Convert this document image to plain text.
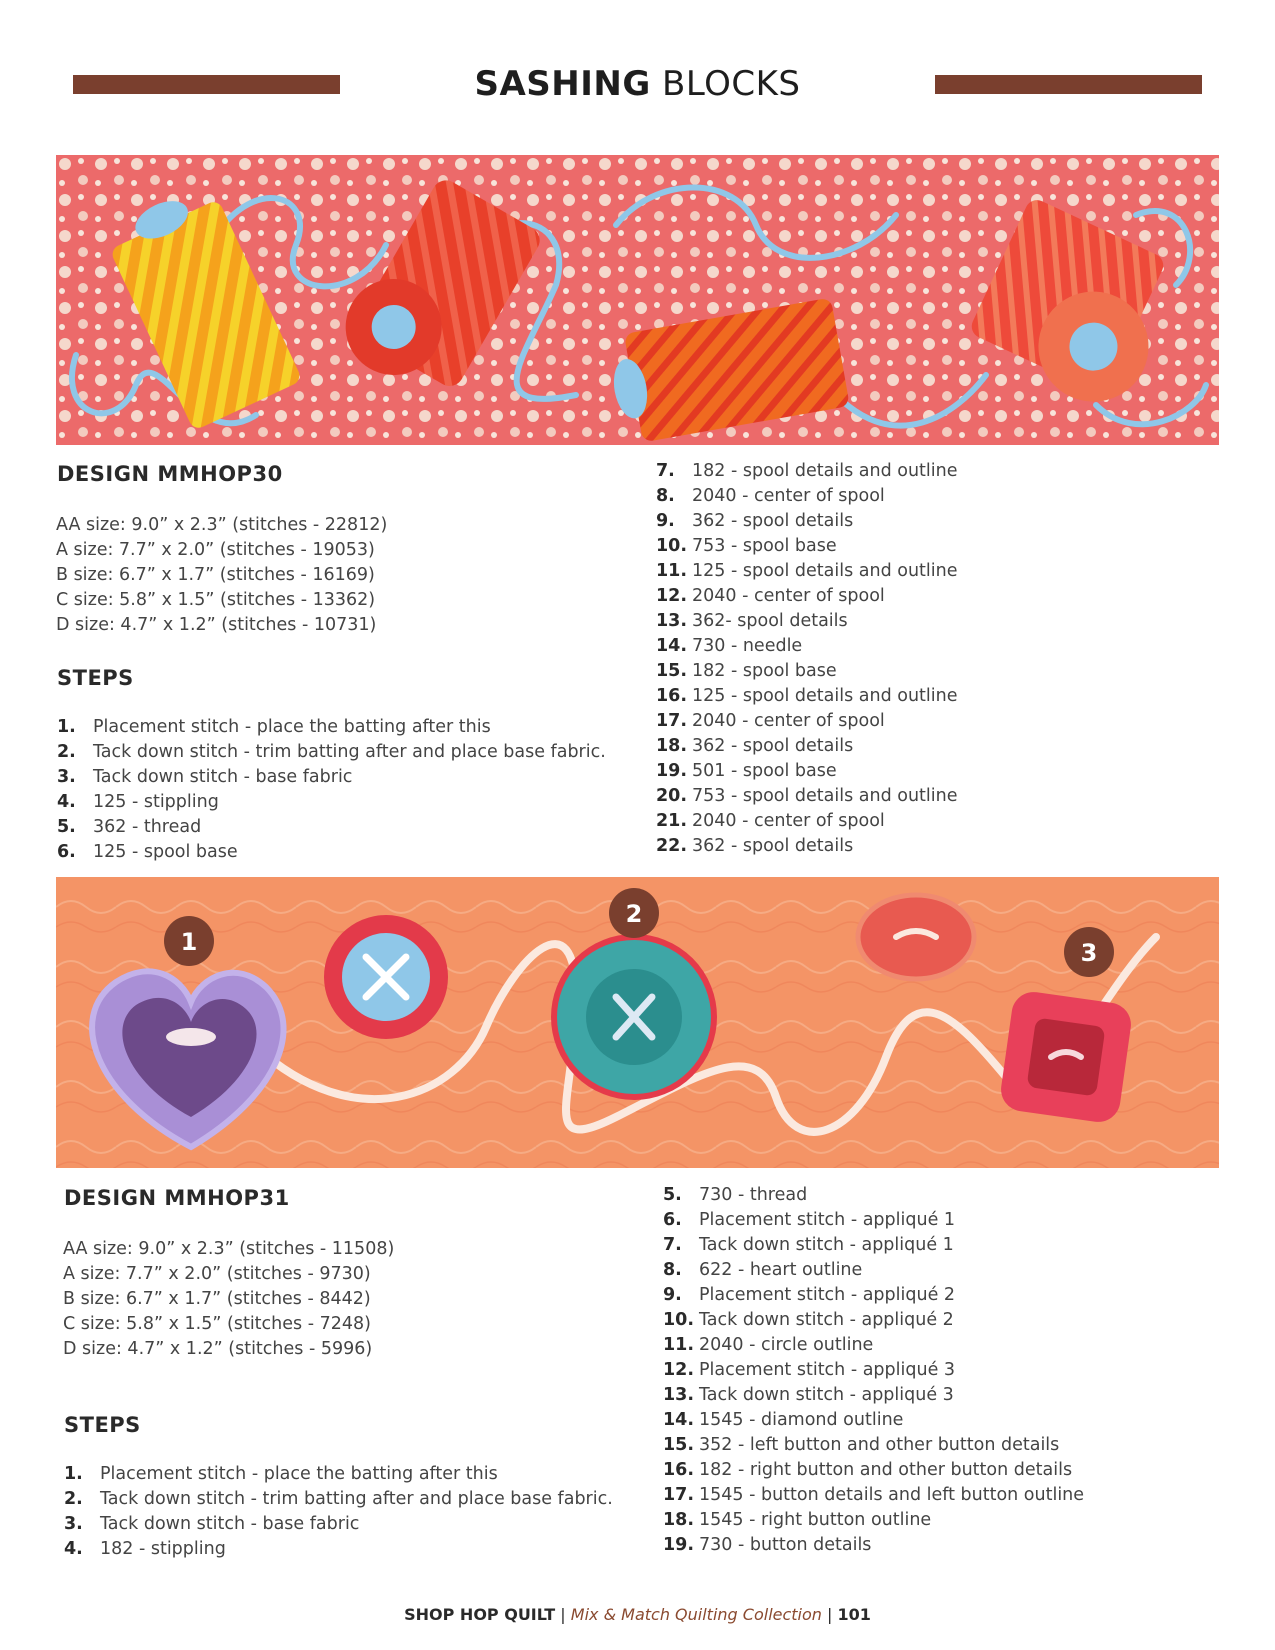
SASHING BLOCKS
DESIGN MMHOP30
AA size: 9.0” x 2.3” (stitches - 22812)
A size: 7.7” x 2.0” (stitches - 19053)
B size: 6.7” x 1.7” (stitches - 16169)
C size: 5.8” x 1.5” (stitches - 13362)
D size: 4.7” x 1.2” (stitches - 10731)
STEPS
1. Placement stitch - place the batting after this
2. Tack down stitch - trim batting after and place base fabric.
3. Tack down stitch - base fabric
4. 125 - stippling
5. 362 - thread
6. 125 - spool base
7. 182 - spool details and outline
8. 2040 - center of spool
9. 362 - spool details
10. 753 - spool base
11. 125 - spool details and outline
12. 2040 - center of spool
13. 362- spool details
14. 730 - needle
15. 182 - spool base
16. 125 - spool details and outline
17. 2040 - center of spool
18. 362 - spool details
19. 501 - spool base
20. 753 - spool details and outline
21. 2040 - center of spool
22. 362 - spool details
1
2
3
DESIGN MMHOP31
AA size: 9.0” x 2.3” (stitches - 11508)
A size: 7.7” x 2.0” (stitches - 9730)
B size: 6.7” x 1.7” (stitches - 8442)
C size: 5.8” x 1.5” (stitches - 7248)
D size: 4.7” x 1.2” (stitches - 5996)
STEPS
1. Placement stitch - place the batting after this
2. Tack down stitch - trim batting after and place base fabric.
3. Tack down stitch - base fabric
4. 182 - stippling
5. 730 - thread
6. Placement stitch - appliqué 1
7. Tack down stitch - appliqué 1
8. 622 - heart outline
9. Placement stitch - appliqué 2
10. Tack down stitch - appliqué 2
11. 2040 - circle outline
12. Placement stitch - appliqué 3
13. Tack down stitch - appliqué 3
14. 1545 - diamond outline
15. 352 - left button and other button details
16. 182 - right button and other button details
17. 1545 - button details and left button outline
18. 1545 - right button outline
19. 730 - button details
SHOP HOP QUILT | Mix & Match Quilting Collection | 101
